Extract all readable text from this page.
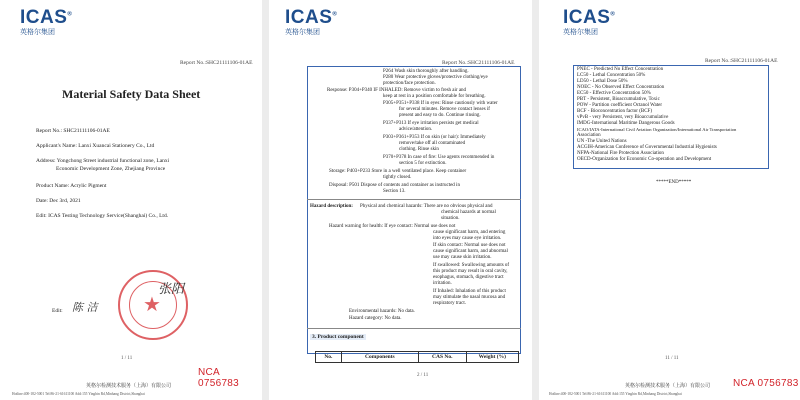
ICAS®
英格尔集团
Report No.:SHC21111106-01AE
Material Safety Data Sheet
Report No.: SHC21111106-01AE
Applicant's Name: Lanxi Xuancai Stationery Co., Ltd
Address: Yongchong Street industrial functional zone, Lanxi
Economic Development Zone, Zhejiang Province
Product Name: Acrylic Pigment
Date: Dec 3rd, 2021
Edit: ICAS Testing Technology Service(Shanghai) Co., Ltd.
★
Edit: 陈 洁
张阳
1 / 11
英格尔检测技术服务（上海）有限公司
Hotline:400-182-5001 Tel:86-21-61611100 Add:155 Yingbin Rd,Minhang District,Shanghai
NCA 0756783
ICAS®
英格尔集团
Report No.:SHC21111106-01AE
P264 Wash skin thoroughly after handling.
P280 Wear protective gloves/protective clothing/eye
protection/face protection.
Response: P304+P340 IF INHALED: Remove victim to fresh air and
keep at rest in a position comfortable for breathing.
P305+P351+P338 If in eyes: Rinse cautiously with water
for several minutes. Remove contact lenses if
present and easy to do. Continue rinsing.
P337+P313 If eye irritation persists get medical
advice/attention.
P303+P361+P353 If on skin (or hair): Immediately
remove/take off all contaminated
clothing. Rinse skin
P370+P378 In case of fire: Use agents recommended in
section 5 for extinction.
Storage: P403+P233 Store in a well ventilated place. Keep container
tightly closed.
Disposal: P501 Dispose of contents and container as instructed in
Section 13.
Hazard description: Physical and chemical hazards: There are no obvious physical and
chemical hazards at normal
situation.
Hazard warning for health: If eye contact: Normal use does not
cause significant harm, and entering
into eyes may cause eye irritation.
If skin contact: Normal use does not
cause significant harm, and abnormal
use may cause skin irritation.
If swallowed: Swallowing amounts of
this product may result in oral cavity,
esophagus, stomach, digestive tract
irritation.
If Inhaled: Inhalation of this product
may stimulate the nasal mucosa and
respiratory tract.
Environmental hazards: No data.
Hazard category: No data.
3. Product component
No.	Components	CAS No.	Weight (%)
2 / 11
ICAS®
英格尔集团
Report No.:SHC21111106-01AE
PNEC - Predicted No Effect Concentration
LC50 - Lethal Concentration 50%
LD50 - Lethal Dose 50%
NOEC - No Observed Effect Concentration
EC50 - Effective Concentration 50%
PBT - Persistent, Bioaccumulative, Toxic
POW - Partition coefficient Octanol Water
BCF - Bioconcentration factor (BCF)
vPvB - very Persistent, very Bioaccumulative
IMDG-International Maritime Dangerous Goods
ICAO/IATA-International Civil Aviation Organization/International Air Transportation
Association
UN -The United Nations
ACGIH-American Conference of Governmental Industrial Hygienists
NFPA-National Fire Protection Association
OECD-Organization for Economic Co-operation and Development
*****END*****
11 / 11
英格尔检测技术服务（上海）有限公司
Hotline:400-182-5001 Tel:86-21-61611100 Add:155 Yingbin Rd,Minhang District,Shanghai
NCA 0756783
